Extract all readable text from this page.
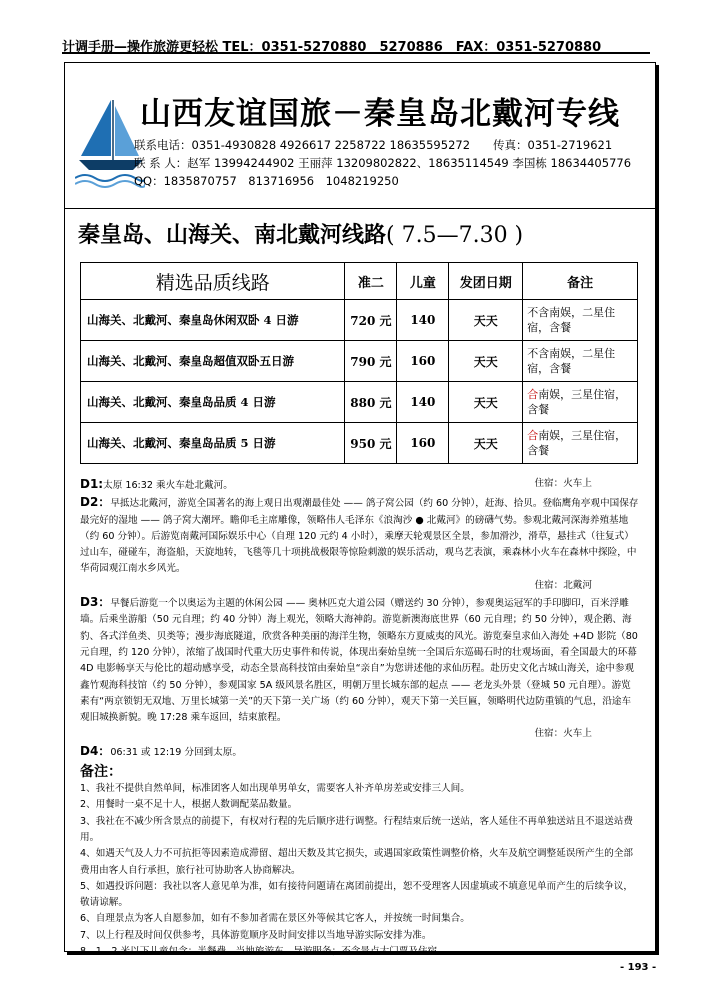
计调手册—操作旅游更轻松 TEL：0351-5270880　5270886　FAX：0351-5270880
山西友谊国旅－秦皇岛北戴河专线
联系电话：0351-4930828 4926617 2258722 18635595272　　传真：0351-2719621
联 系 人：赵军 13994244902 王丽萍 13209802822、18635114549 李国栋 18634405776
QQ：1835870757　813716956　1048219250
秦皇岛、山海关、南北戴河线路( 7.5—7.30 )
精选品质线路	准二	儿童	发团日期	备注
山海关、北戴河、秦皇岛休闲双卧 4 日游	720 元	140	天天	不含南娱，二星住宿，含餐
山海关、北戴河、秦皇岛超值双卧五日游	790 元	160	天天	不含南娱，二星住宿，含餐
山海关、北戴河、秦皇岛品质 4 日游	880 元	140	天天	合南娱，三星住宿，含餐
山海关、北戴河、秦皇岛品质 5 日游	950 元	160	天天	合南娱，三星住宿，含餐

D1:太原 16:32 乘火车赴北戴河。	住宿：火车上

D2：早抵达北戴河，游览全国著名的海上观日出观潮最佳处 —— 鸽子窝公园（约 60 分钟），赶海、拾贝。登临鹰角亭观中国保存最完好的湿地 —— 鸽子窝大潮坪。瞻仰毛主席雕像，领略伟人毛泽东《浪淘沙 ● 北戴河》的磅礴气势。参观北戴河深海养殖基地（约 60 分钟）。后游览南戴河国际娱乐中心（自理 120 元约 4 小时），乘摩天轮观景区全景，参加滑沙，滑草，悬挂式（往复式）过山车，碰碰车，海盗船，天旋地转，飞毯等几十项挑战极限等惊险刺激的娱乐活动，观乌艺表演，乘森林小火车在森林中探险，中华荷园观江南水乡风光。

住宿：北戴河

D3：早餐后游览一个以奥运为主题的休闲公园 —— 奥林匹克大道公园（赠送约 30 分钟），参观奥运冠军的手印脚印，百米浮雕墙。后乘坐游船（50 元自理；约 40 分钟）海上观光，领略大海神韵。游览新澳海底世界（60 元自理；约 50 分钟），观企鹅、海豹、各式洋鱼类、贝类等；漫步海底隧道，欣赏各种美丽的海洋生物，领略东方夏威夷的风光。游览秦皇求仙入海处 +4D 影院（80 元自理，约 120 分钟），浓缩了战国时代重大历史事件和传说，体现出秦始皇统一全国后东巡碣石时的壮观场面，看全国最大的环幕 4D 电影畅享天与伦比的超动感享受，动态全景高科技馆由秦始皇“亲自”为您讲述他的求仙历程。赴历史文化古城山海关，途中参观鑫竹观海科技馆（约 50 分钟），参观国家 5A 级风景名胜区，明朝万里长城东部的起点 —— 老龙头外景（登城 50 元自理）。游览素有“两京锁钥无双地、万里长城第一关”的天下第一关广场（约 60 分钟），观天下第一关巨匾，领略明代边防重镇的气息，沿途车观旧城换新貌。晚 17:28 乘车返回，结束旅程。

住宿：火车上

D4：06:31 或 12:19 分回到太原。

备注：

1、我社不提供自然单间，标准团客人如出现单男单女，需要客人补齐单房差或安排三人间。

2、用餐时一桌不足十人，根据人数调配菜品数量。

3、我社在不减少所含景点的前提下，有权对行程的先后顺序进行调整。行程结束后统一送站，客人延住不再单独送站且不退送站费用。

4、如遇天气及人力不可抗拒等因素造成滞留、超出天数及其它损失，或遇国家政策性调整价格，火车及航空调整延误所产生的全部费用由客人自行承担，旅行社可协助客人协商解决。

5、如遇投诉问题：我社以客人意见单为准，如有接待问题请在离团前提出，恕不受理客人因虚填或不填意见单而产生的后续争议，敬请谅解。

6、自理景点为客人自愿参加，如有不参加者需在景区外等候其它客人，并按统一时间集合。

7、以上行程及时间仅供参考，具体游览顺序及时间安排以当地导游实际安排为准。

8、1．2 米以下儿童包含：半餐费、当地旅游车、导游服务；不含景点大门票及住宿。

- 193 -
